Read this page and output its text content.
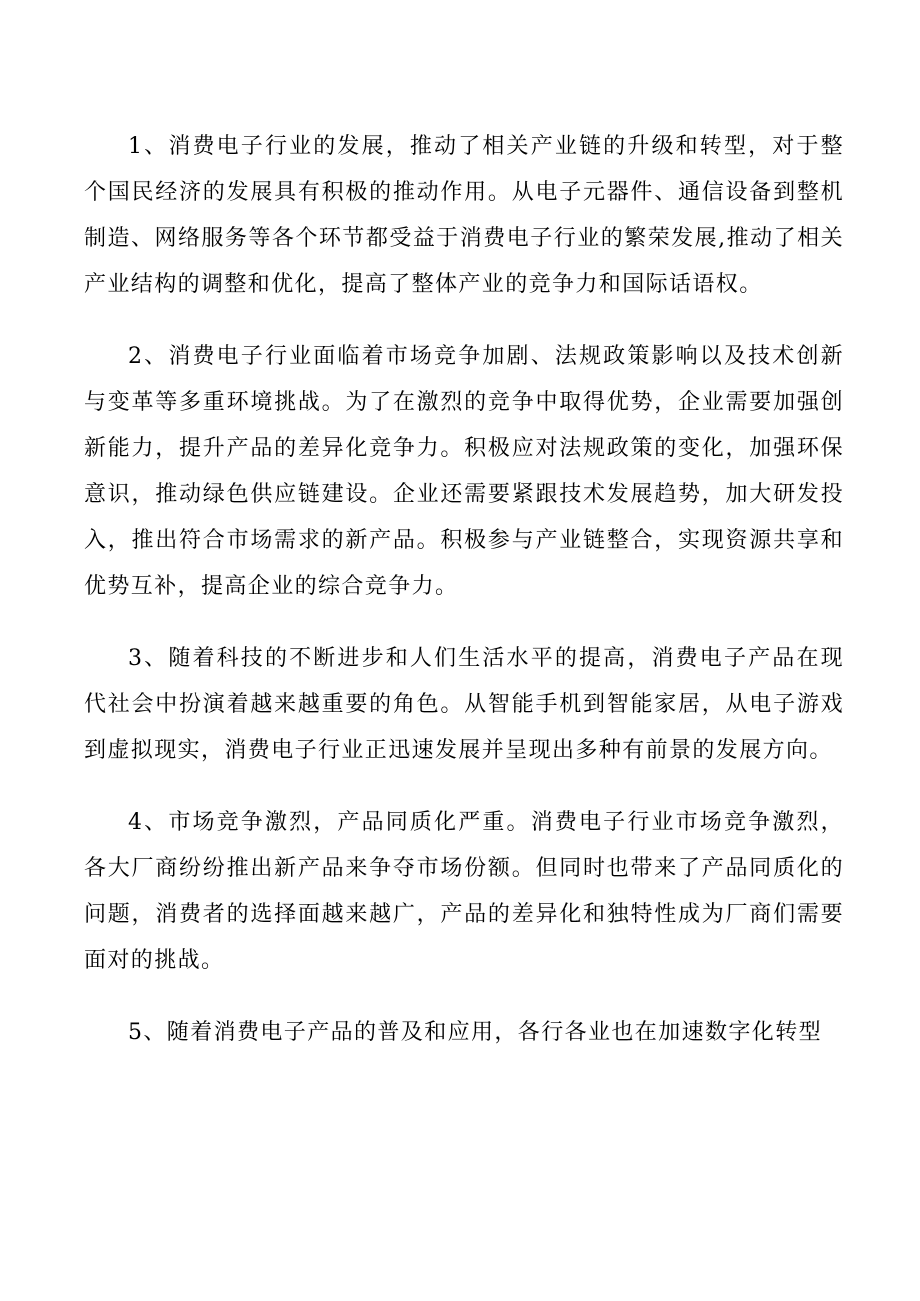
1、消费电子行业的发展，推动了相关产业链的升级和转型，对于整个国民经济的发展具有积极的推动作用。从电子元器件、通信设备到整机制造、网络服务等各个环节都受益于消费电子行业的繁荣发展,推动了相关产业结构的调整和优化，提高了整体产业的竞争力和国际话语权。

2、消费电子行业面临着市场竞争加剧、法规政策影响以及技术创新与变革等多重环境挑战。为了在激烈的竞争中取得优势，企业需要加强创新能力，提升产品的差异化竞争力。积极应对法规政策的变化，加强环保意识，推动绿色供应链建设。企业还需要紧跟技术发展趋势，加大研发投入，推出符合市场需求的新产品。积极参与产业链整合，实现资源共享和优势互补，提高企业的综合竞争力。

3、随着科技的不断进步和人们生活水平的提高，消费电子产品在现代社会中扮演着越来越重要的角色。从智能手机到智能家居，从电子游戏到虚拟现实，消费电子行业正迅速发展并呈现出多种有前景的发展方向。

4、市场竞争激烈，产品同质化严重。消费电子行业市场竞争激烈，各大厂商纷纷推出新产品来争夺市场份额。但同时也带来了产品同质化的问题，消费者的选择面越来越广，产品的差异化和独特性成为厂商们需要面对的挑战。

5、随着消费电子产品的普及和应用，各行各业也在加速数字化转型
